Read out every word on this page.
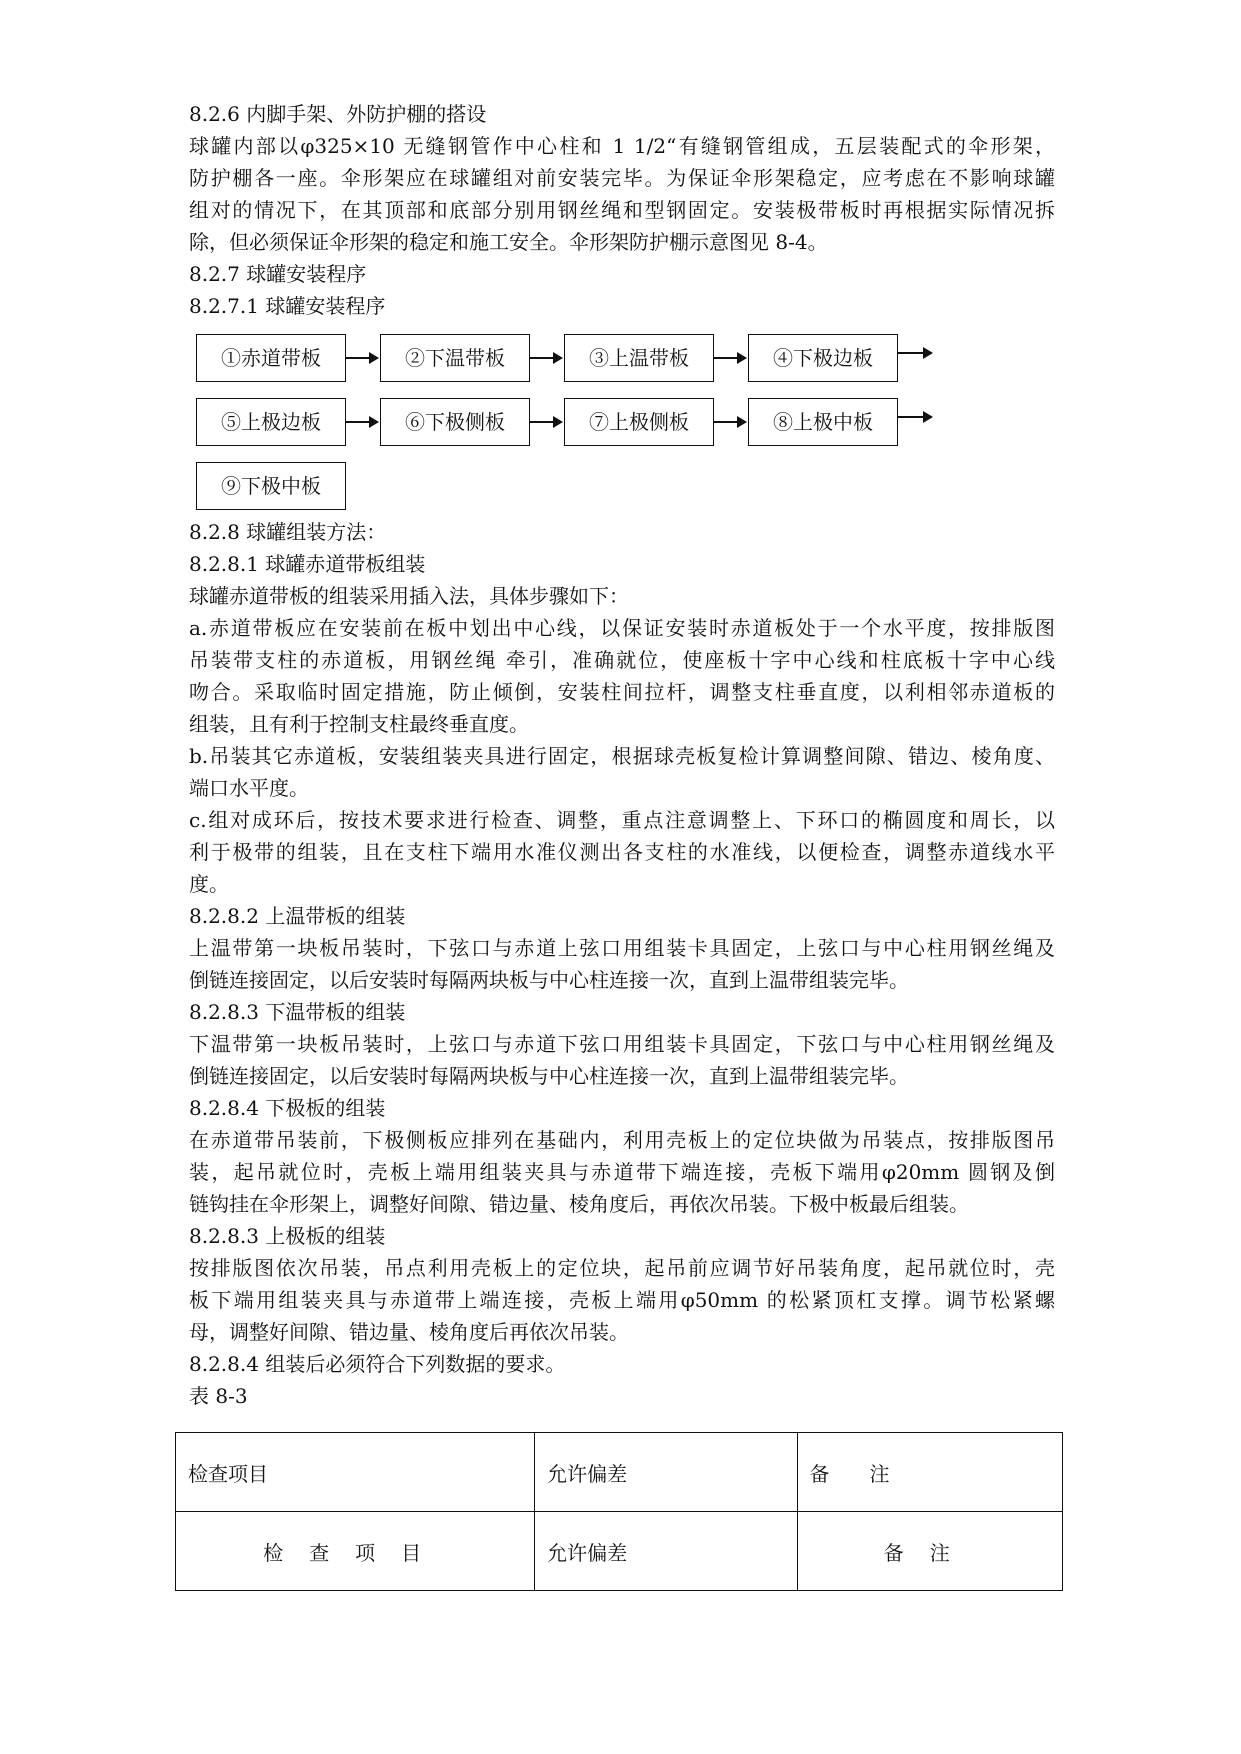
8.2.6 内脚手架、外防护棚的搭设
球罐内部以φ325×10 无缝钢管作中心柱和 1 1/2“有缝钢管组成，五层装配式的伞形架，
防护棚各一座。伞形架应在球罐组对前安装完毕。为保证伞形架稳定，应考虑在不影响球罐
组对的情况下，在其顶部和底部分别用钢丝绳和型钢固定。安装极带板时再根据实际情况拆
除，但必须保证伞形架的稳定和施工安全。伞形架防护棚示意图见 8-4。
8.2.7 球罐安装程序
8.2.7.1 球罐安装程序
①赤道带板	②下温带板	③上温带板	④下极边板
⑤上极边板	⑥下极侧板	⑦上极侧板	⑧上极中板
⑨下极中板
8.2.8 球罐组装方法：
8.2.8.1 球罐赤道带板组装
球罐赤道带板的组装采用插入法，具体步骤如下：
a.赤道带板应在安装前在板中划出中心线，以保证安装时赤道板处于一个水平度，按排版图
吊装带支柱的赤道板，用钢丝绳 牵引，准确就位，使座板十字中心线和柱底板十字中心线
吻合。采取临时固定措施，防止倾倒，安装柱间拉杆，调整支柱垂直度，以利相邻赤道板的
组装，且有利于控制支柱最终垂直度。
b.吊装其它赤道板，安装组装夹具进行固定，根据球壳板复检计算调整间隙、错边、棱角度、
端口水平度。
c.组对成环后，按技术要求进行检查、调整，重点注意调整上、下环口的椭圆度和周长，以
利于极带的组装，且在支柱下端用水准仪测出各支柱的水准线，以便检查，调整赤道线水平
度。
8.2.8.2 上温带板的组装
上温带第一块板吊装时，下弦口与赤道上弦口用组装卡具固定，上弦口与中心柱用钢丝绳及
倒链连接固定，以后安装时每隔两块板与中心柱连接一次，直到上温带组装完毕。
8.2.8.3 下温带板的组装
下温带第一块板吊装时，上弦口与赤道下弦口用组装卡具固定，下弦口与中心柱用钢丝绳及
倒链连接固定，以后安装时每隔两块板与中心柱连接一次，直到上温带组装完毕。
8.2.8.4 下极板的组装
在赤道带吊装前，下极侧板应排列在基础内，利用壳板上的定位块做为吊装点，按排版图吊
装，起吊就位时，壳板上端用组装夹具与赤道带下端连接，壳板下端用φ20mm 圆钢及倒
链钩挂在伞形架上，调整好间隙、错边量、棱角度后，再依次吊装。下极中板最后组装。
8.2.8.3 上极板的组装
按排版图依次吊装，吊点利用壳板上的定位块，起吊前应调节好吊装角度，起吊就位时，壳
板下端用组装夹具与赤道带上端连接，壳板上端用φ50mm 的松紧顶杠支撑。调节松紧螺
母，调整好间隙、错边量、棱角度后再依次吊装。
8.2.8.4 组装后必须符合下列数据的要求。
表 8-3
检查项目	允许偏差	备　　注
检查项目	允许偏差	备注
